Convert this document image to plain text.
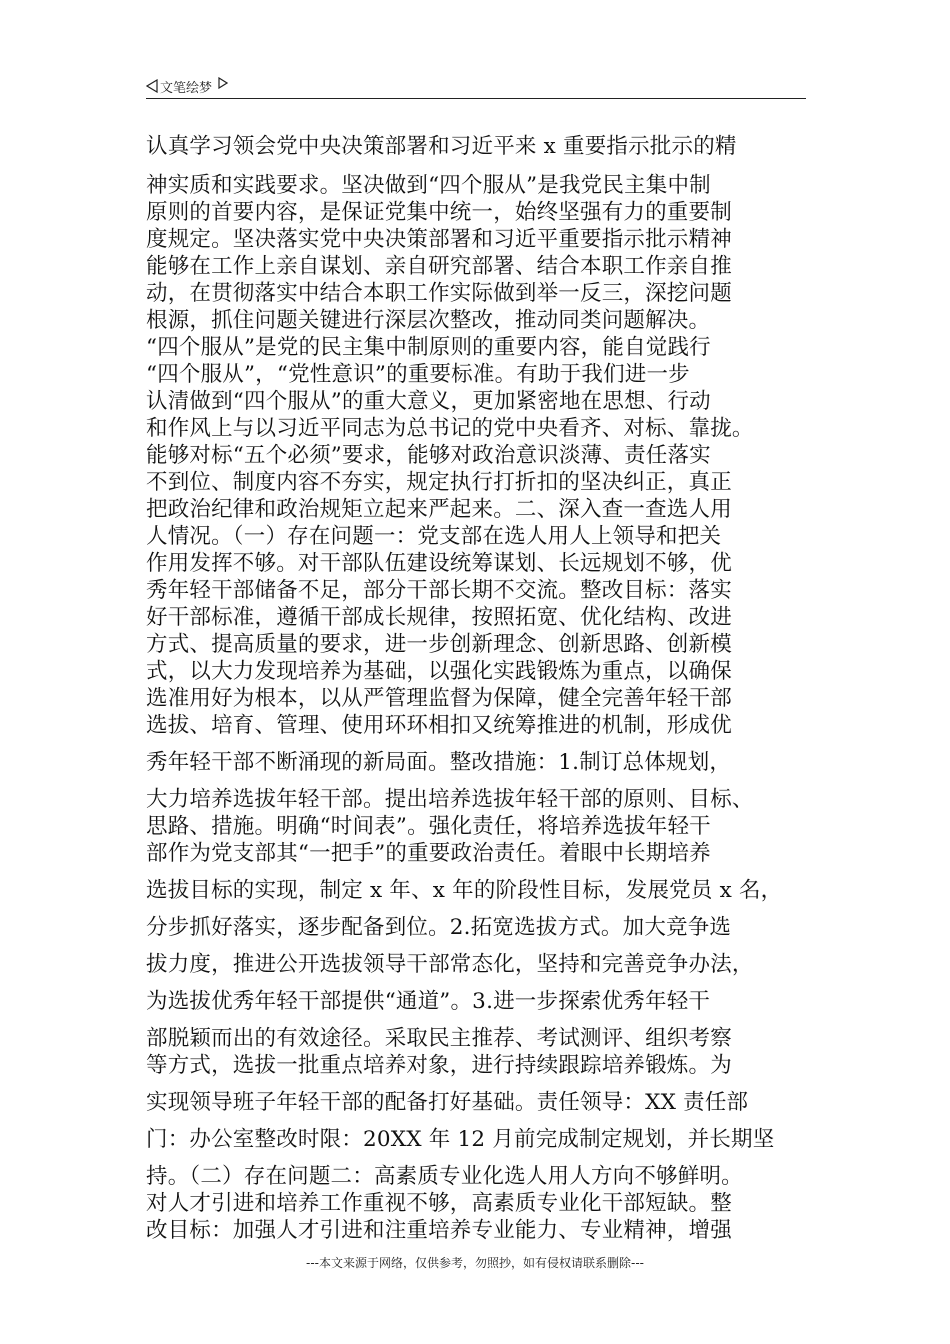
文笔绘梦
认真学习领会党中央决策部署和习近平来 x 重要指示批示的精
神实质和实践要求。坚决做到“四个服从”是我党民主集中制
原则的首要内容，是保证党集中统一，始终坚强有力的重要制
度规定。坚决落实党中央决策部署和习近平重要指示批示精神
能够在工作上亲自谋划、亲自研究部署、结合本职工作亲自推
动，在贯彻落实中结合本职工作实际做到举一反三，深挖问题
根源，抓住问题关键进行深层次整改，推动同类问题解决。
“四个服从”是党的民主集中制原则的重要内容，能自觉践行
“四个服从”，“党性意识”的重要标准。有助于我们进一步
认清做到“四个服从”的重大意义，更加紧密地在思想、行动
和作风上与以习近平同志为总书记的党中央看齐、对标、靠拢。
能够对标“五个必须”要求，能够对政治意识淡薄、责任落实
不到位、制度内容不夯实，规定执行打折扣的坚决纠正，真正
把政治纪律和政治规矩立起来严起来。二、深入查一查选人用
人情况。（一）存在问题一：党支部在选人用人上领导和把关
作用发挥不够。对干部队伍建设统筹谋划、长远规划不够，优
秀年轻干部储备不足，部分干部长期不交流。整改目标：落实
好干部标准，遵循干部成长规律，按照拓宽、优化结构、改进
方式、提高质量的要求，进一步创新理念、创新思路、创新模
式，以大力发现培养为基础，以强化实践锻炼为重点，以确保
选准用好为根本，以从严管理监督为保障，健全完善年轻干部
选拔、培育、管理、使用环环相扣又统筹推进的机制，形成优
秀年轻干部不断涌现的新局面。整改措施：1.制订总体规划，
大力培养选拔年轻干部。提出培养选拔年轻干部的原则、目标、
思路、措施。明确“时间表”。强化责任，将培养选拔年轻干
部作为党支部其“一把手”的重要政治责任。着眼中长期培养
选拔目标的实现，制定 x 年、x 年的阶段性目标，发展党员 x 名，
分步抓好落实，逐步配备到位。2.拓宽选拔方式。加大竞争选
拔力度，推进公开选拔领导干部常态化，坚持和完善竞争办法，
为选拔优秀年轻干部提供“通道”。3.进一步探索优秀年轻干
部脱颖而出的有效途径。采取民主推荐、考试测评、组织考察
等方式，选拔一批重点培养对象，进行持续跟踪培养锻炼。为
实现领导班子年轻干部的配备打好基础。责任领导：XX 责任部
门：办公室整改时限：20XX 年 12 月前完成制定规划，并长期坚
持。（二）存在问题二：高素质专业化选人用人方向不够鲜明。
对人才引进和培养工作重视不够，高素质专业化干部短缺。整
改目标：加强人才引进和注重培养专业能力、专业精神，增强
---本文来源于网络，仅供参考，勿照抄，如有侵权请联系删除---
